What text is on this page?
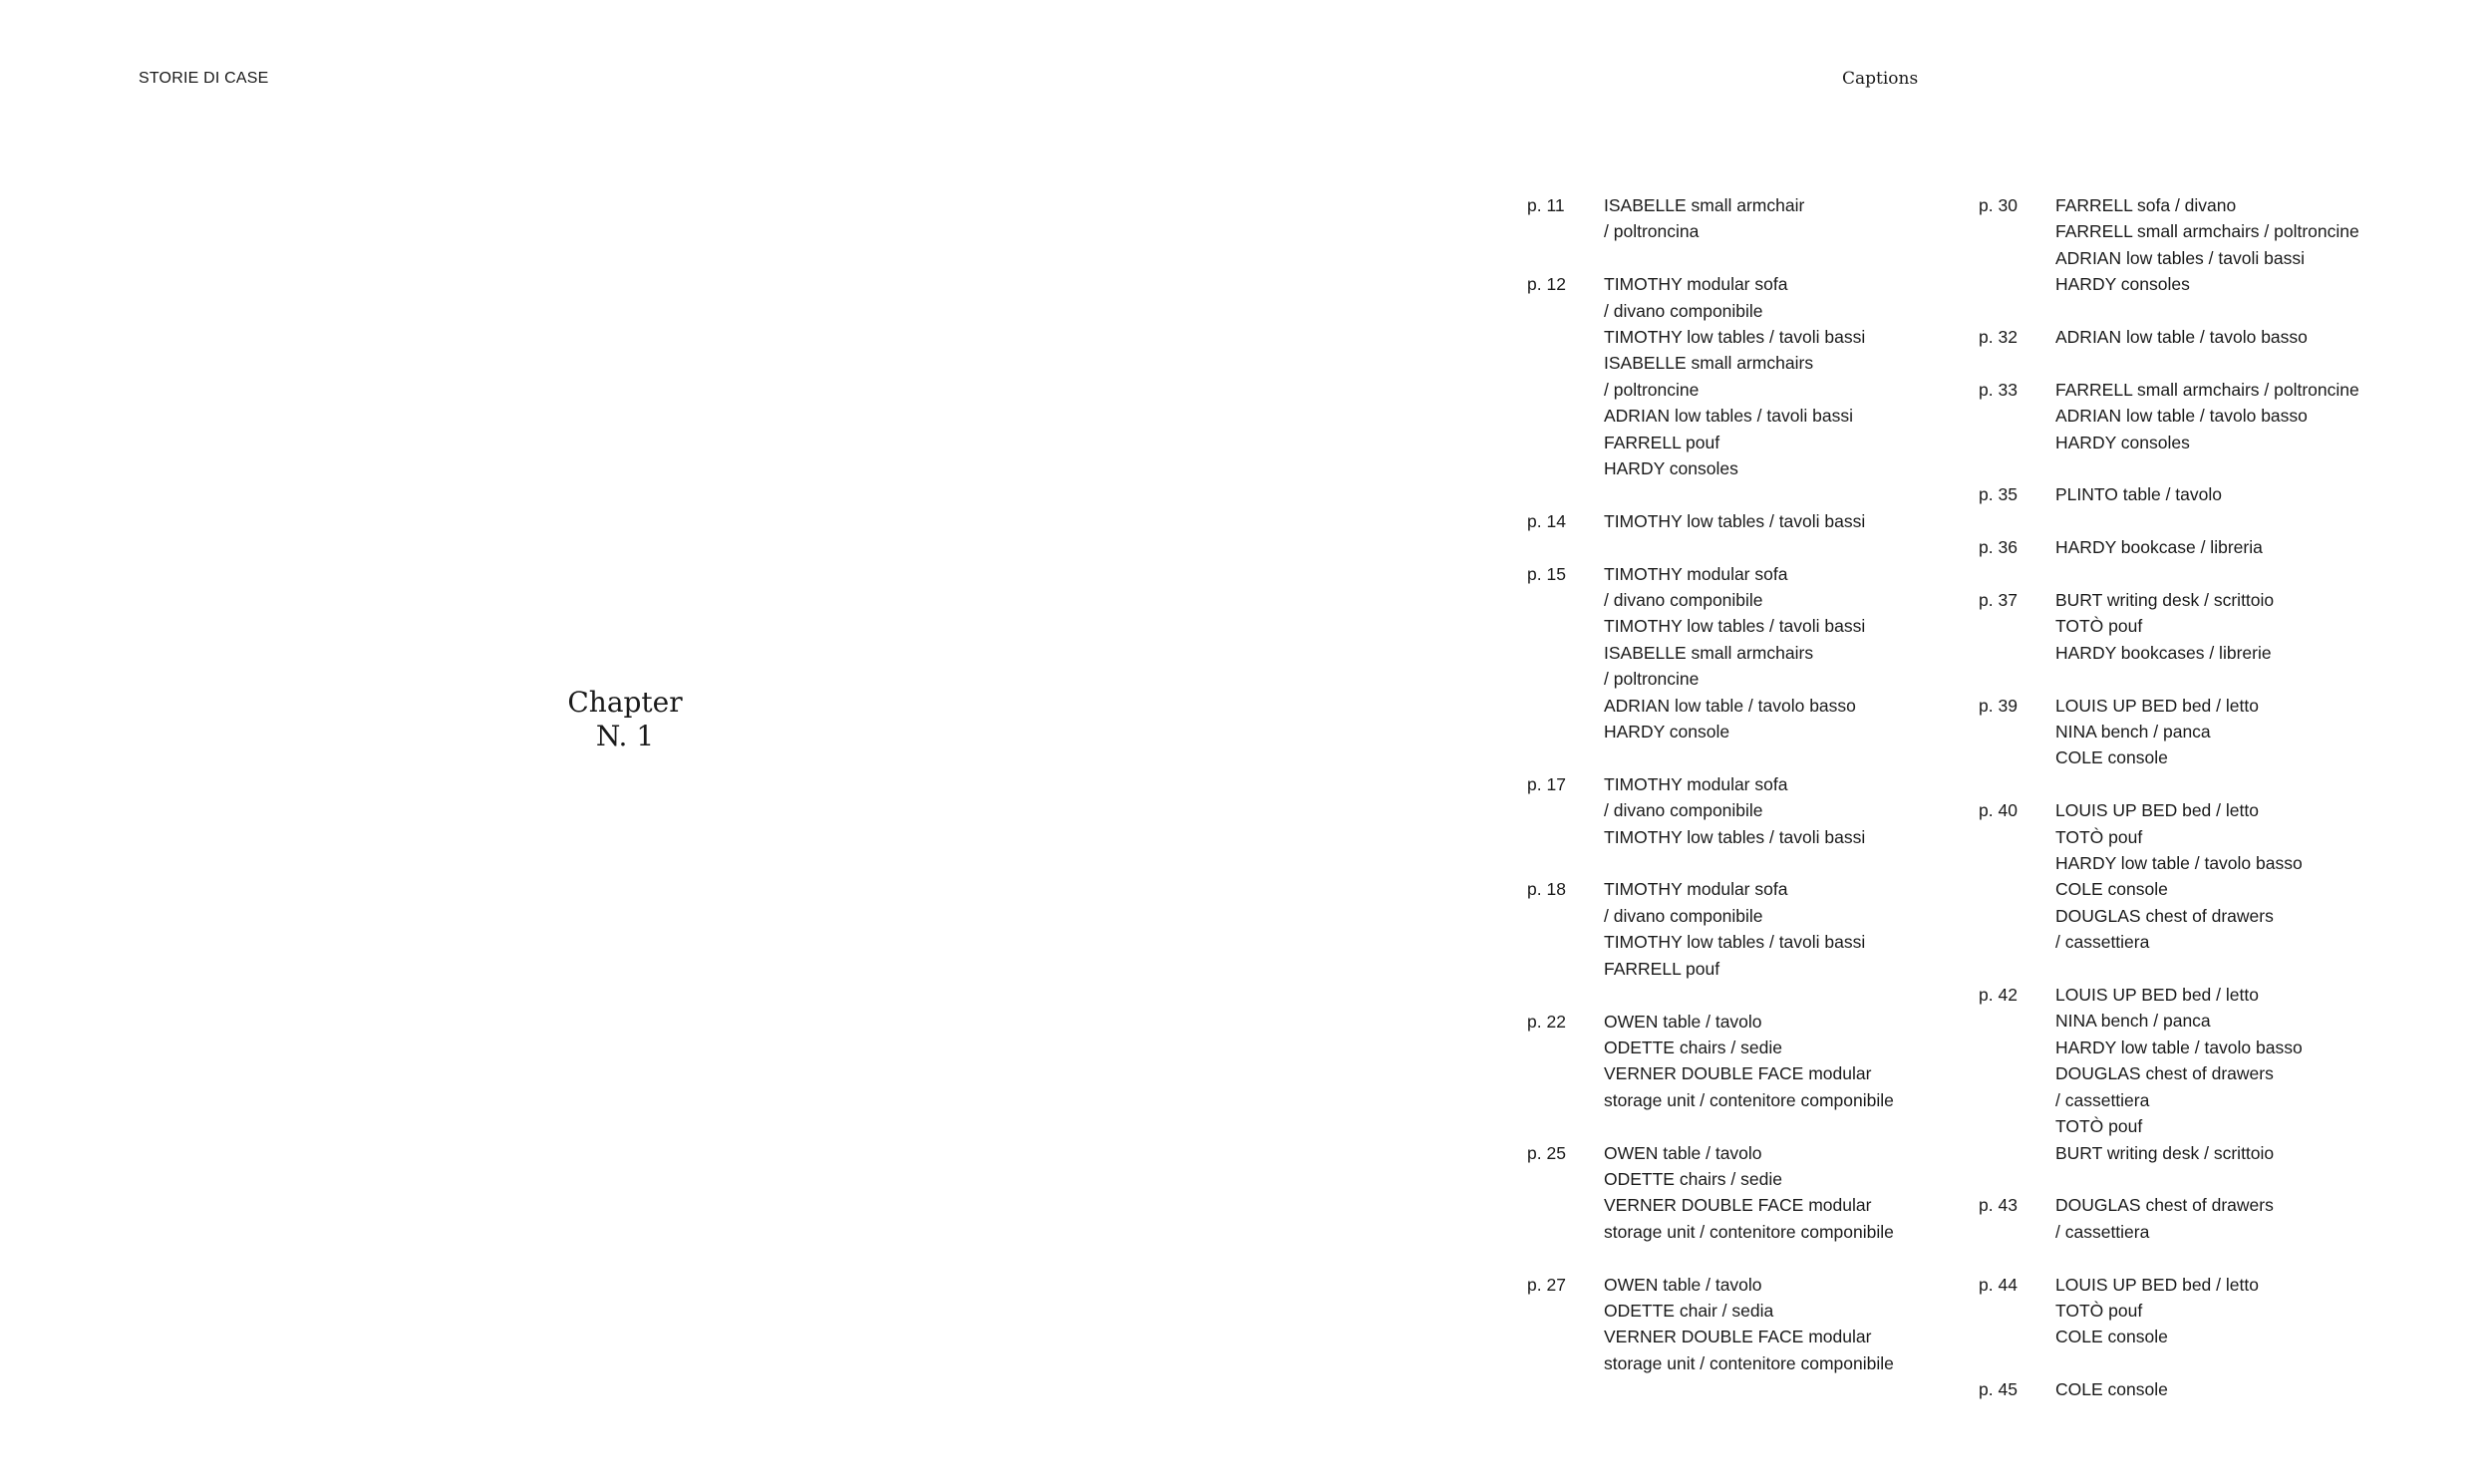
STORIE DI CASE	Captions
Chapter
N. 1
p. 11	ISABELLE small armchair
/ poltroncina
p. 12	TIMOTHY modular sofa
/ divano componibile
TIMOTHY low tables / tavoli bassi
ISABELLE small armchairs
/ poltroncine
ADRIAN low tables / tavoli bassi
FARRELL pouf
HARDY consoles
p. 14	TIMOTHY low tables / tavoli bassi
p. 15	TIMOTHY modular sofa
/ divano componibile
TIMOTHY low tables / tavoli bassi
ISABELLE small armchairs
/ poltroncine
ADRIAN low table / tavolo basso
HARDY console
p. 17	TIMOTHY modular sofa
/ divano componibile
TIMOTHY low tables / tavoli bassi
p. 18	TIMOTHY modular sofa
/ divano componibile
TIMOTHY low tables / tavoli bassi
FARRELL pouf
p. 22	OWEN table / tavolo
ODETTE chairs / sedie
VERNER DOUBLE FACE modular
storage unit / contenitore componibile
p. 25	OWEN table / tavolo
ODETTE chairs / sedie
VERNER DOUBLE FACE modular
storage unit / contenitore componibile
p. 27	OWEN table / tavolo
ODETTE chair / sedia
VERNER DOUBLE FACE modular
storage unit / contenitore componibile
p. 30	FARRELL sofa / divano
FARRELL small armchairs / poltroncine
ADRIAN low tables / tavoli bassi
HARDY consoles
p. 32	ADRIAN low table / tavolo basso
p. 33	FARRELL small armchairs / poltroncine
ADRIAN low table / tavolo basso
HARDY consoles
p. 35	PLINTO table / tavolo
p. 36	HARDY bookcase / libreria
p. 37	BURT writing desk / scrittoio
TOTÒ pouf
HARDY bookcases / librerie
p. 39	LOUIS UP BED bed / letto
NINA bench / panca
COLE console
p. 40	LOUIS UP BED bed / letto
TOTÒ pouf
HARDY low table / tavolo basso
COLE console
DOUGLAS chest of drawers
/ cassettiera
p. 42	LOUIS UP BED bed / letto
NINA bench / panca
HARDY low table / tavolo basso
DOUGLAS chest of drawers
/ cassettiera
TOTÒ pouf
BURT writing desk / scrittoio
p. 43	DOUGLAS chest of drawers
/ cassettiera
p. 44	LOUIS UP BED bed / letto
TOTÒ pouf
COLE console
p. 45	COLE console
